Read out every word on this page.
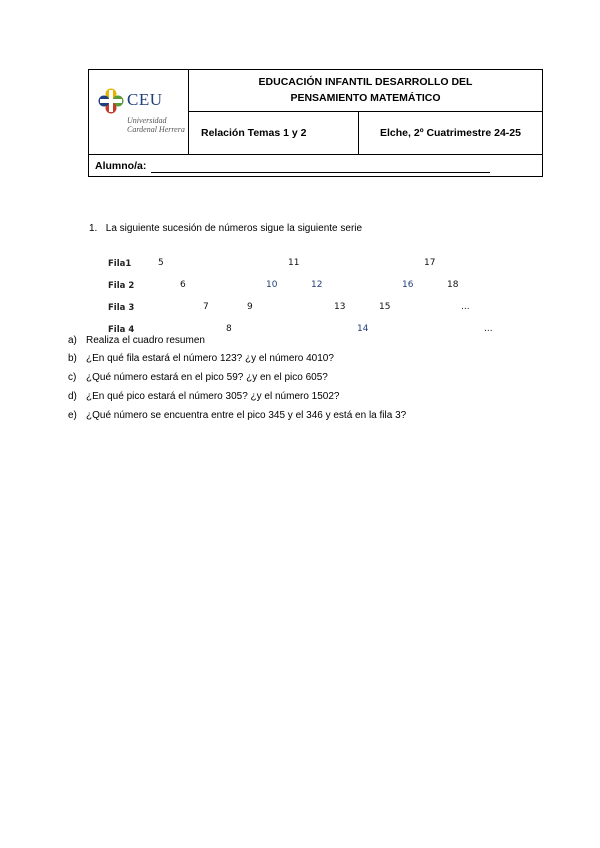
CEU
Universidad
Cardenal Herrera
EDUCACIÓN INFANTIL DESARROLLO DEL
PENSAMIENTO MATEMÁTICO
Relación Temas 1 y 2	Elche, 2º Cuatrimestre 24-25
Alumno/a:
1. La siguiente sucesión de números sigue la siguiente serie
Fila1	5	11	17
Fila 2	6	10	12	16	18
Fila 3	7	9	13	15	...
Fila 4	8	14	...
a) Realiza el cuadro resumen
b) ¿En qué fila estará el número 123? ¿y el número 4010?
c) ¿Qué número estará en el pico 59? ¿y en el pico 605?
d) ¿En qué pico estará el número 305? ¿y el número 1502?
e) ¿Qué número se encuentra entre el pico 345 y el 346 y está en la fila 3?
